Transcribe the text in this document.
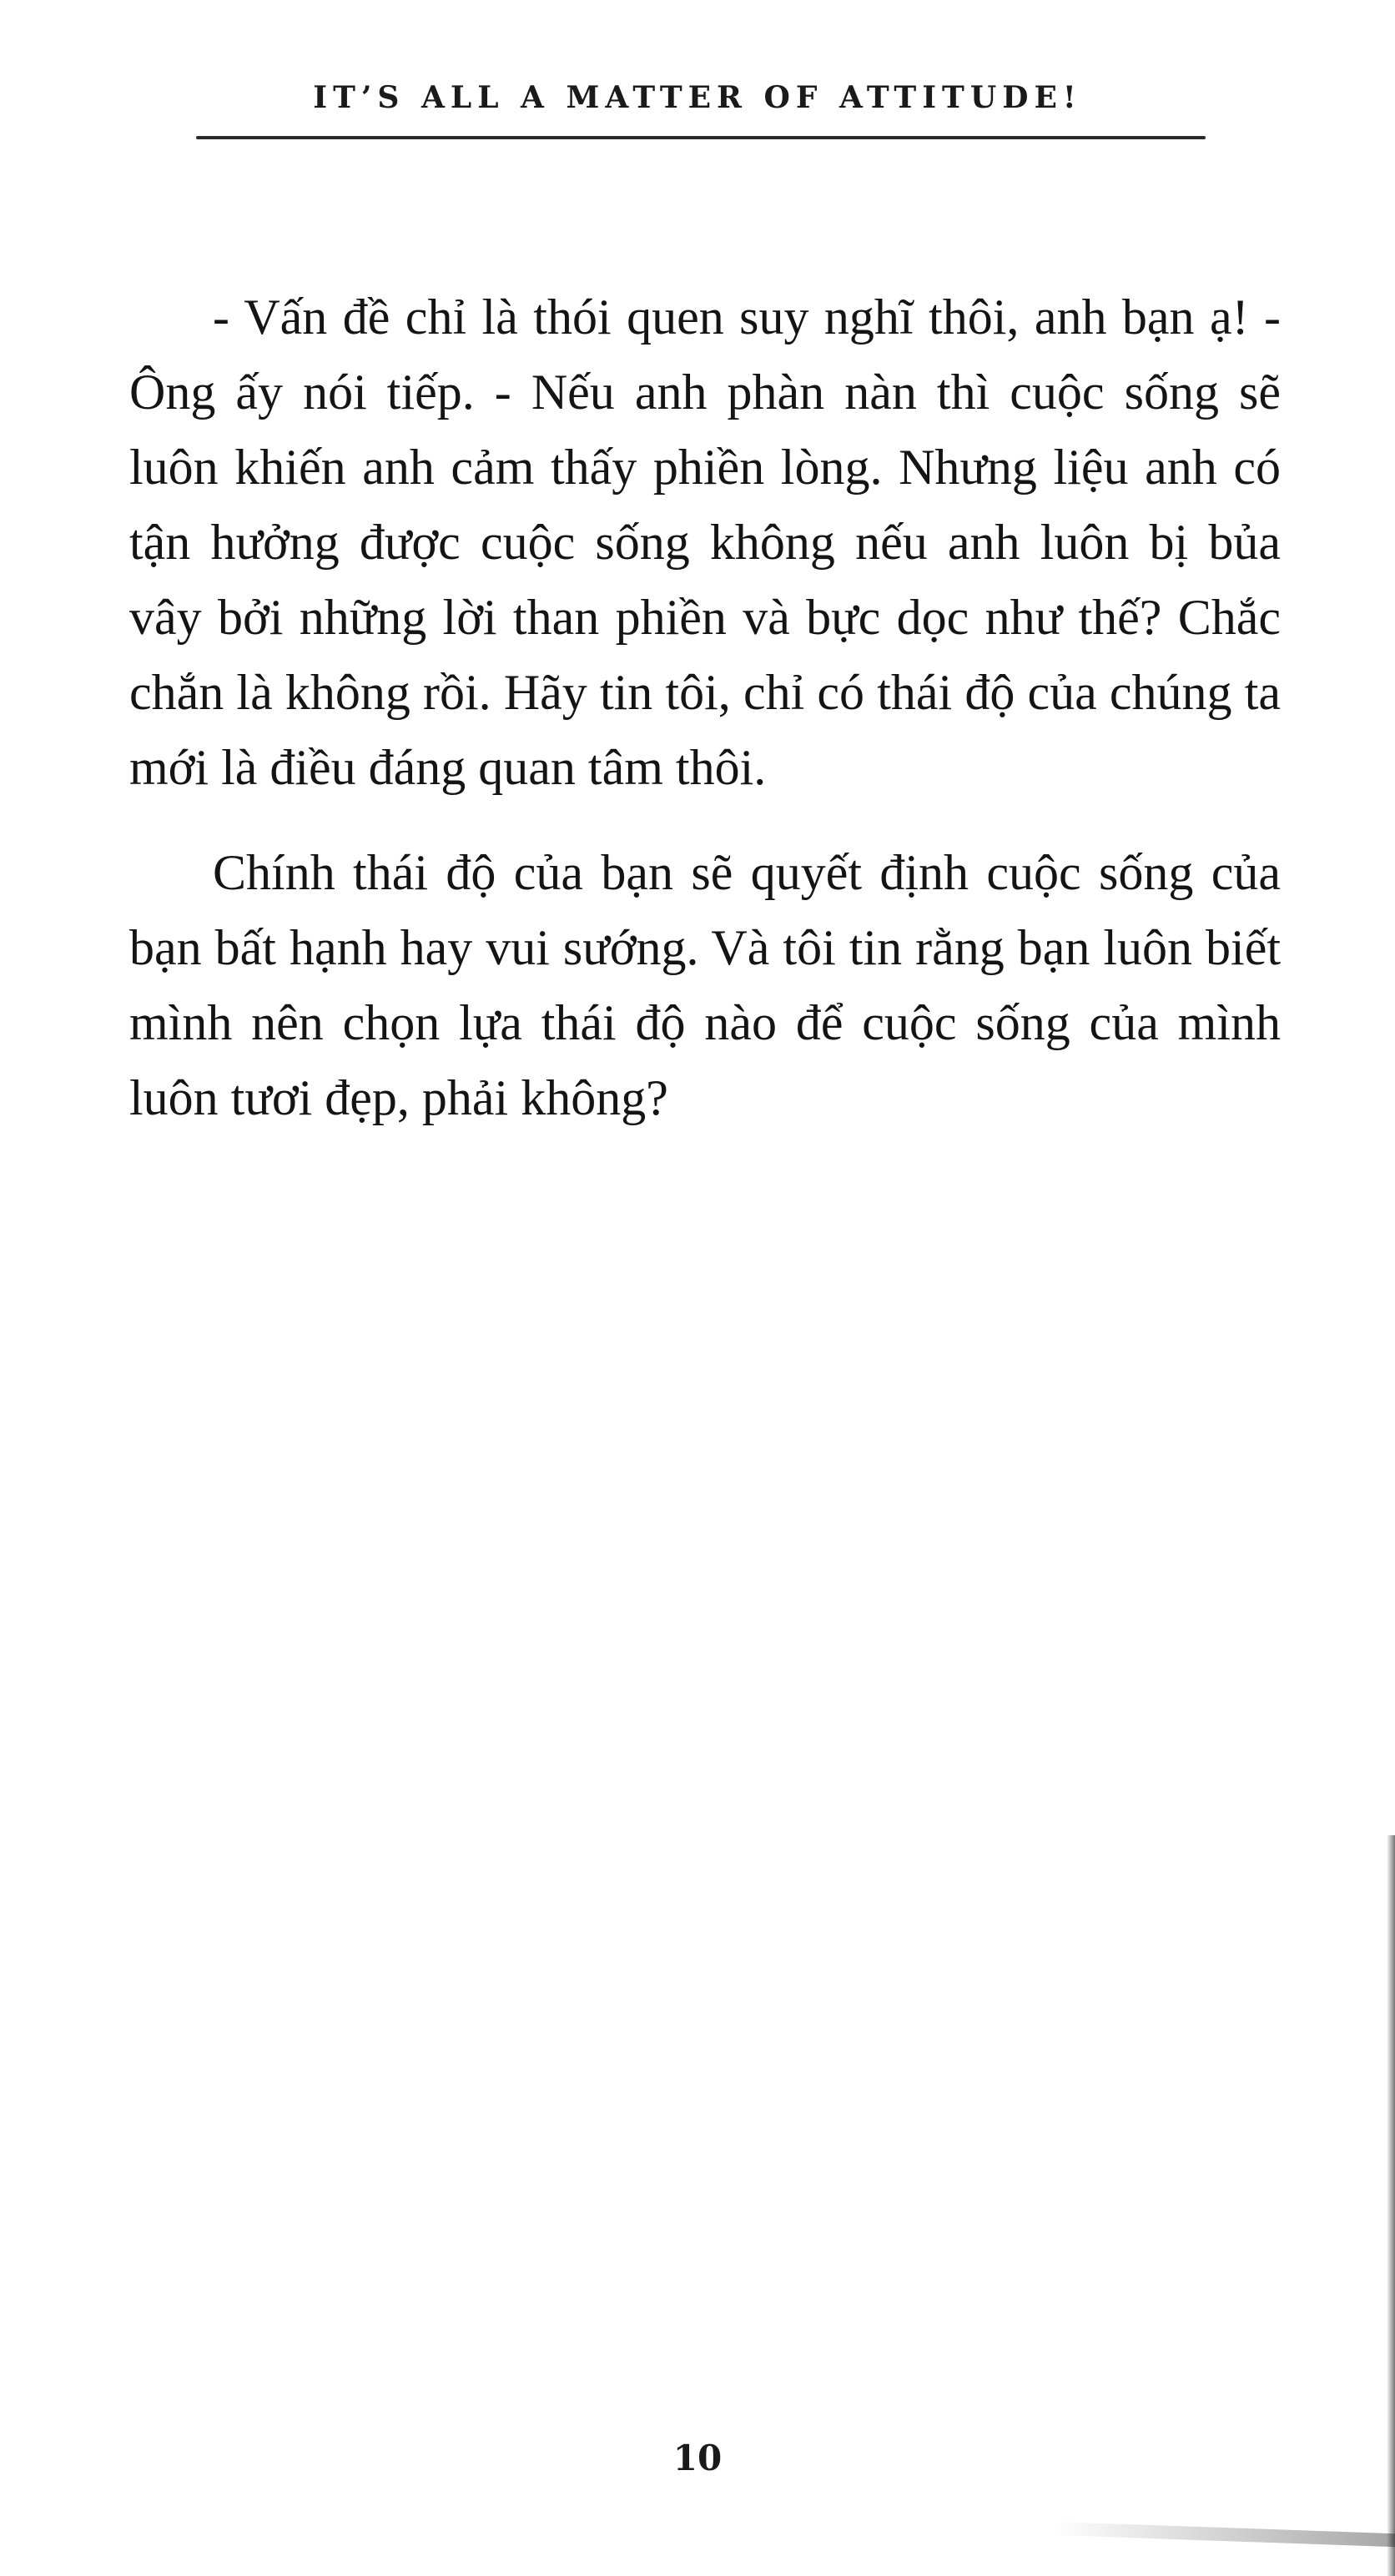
IT’S ALL A MATTER OF ATTITUDE!

- Vấn đề chỉ là thói quen suy nghĩ thôi, anh bạn ạ! - Ông ấy nói tiếp. - Nếu anh phàn nàn thì cuộc sống sẽ luôn khiến anh cảm thấy phiền lòng. Nhưng liệu anh có tận hưởng được cuộc sống không nếu anh luôn bị bủa vây bởi những lời than phiền và bực dọc như thế? Chắc chắn là không rồi. Hãy tin tôi, chỉ có thái độ của chúng ta mới là điều đáng quan tâm thôi.

Chính thái độ của bạn sẽ quyết định cuộc sống của bạn bất hạnh hay vui sướng. Và tôi tin rằng bạn luôn biết mình nên chọn lựa thái độ nào để cuộc sống của mình luôn tươi đẹp, phải không?

10
